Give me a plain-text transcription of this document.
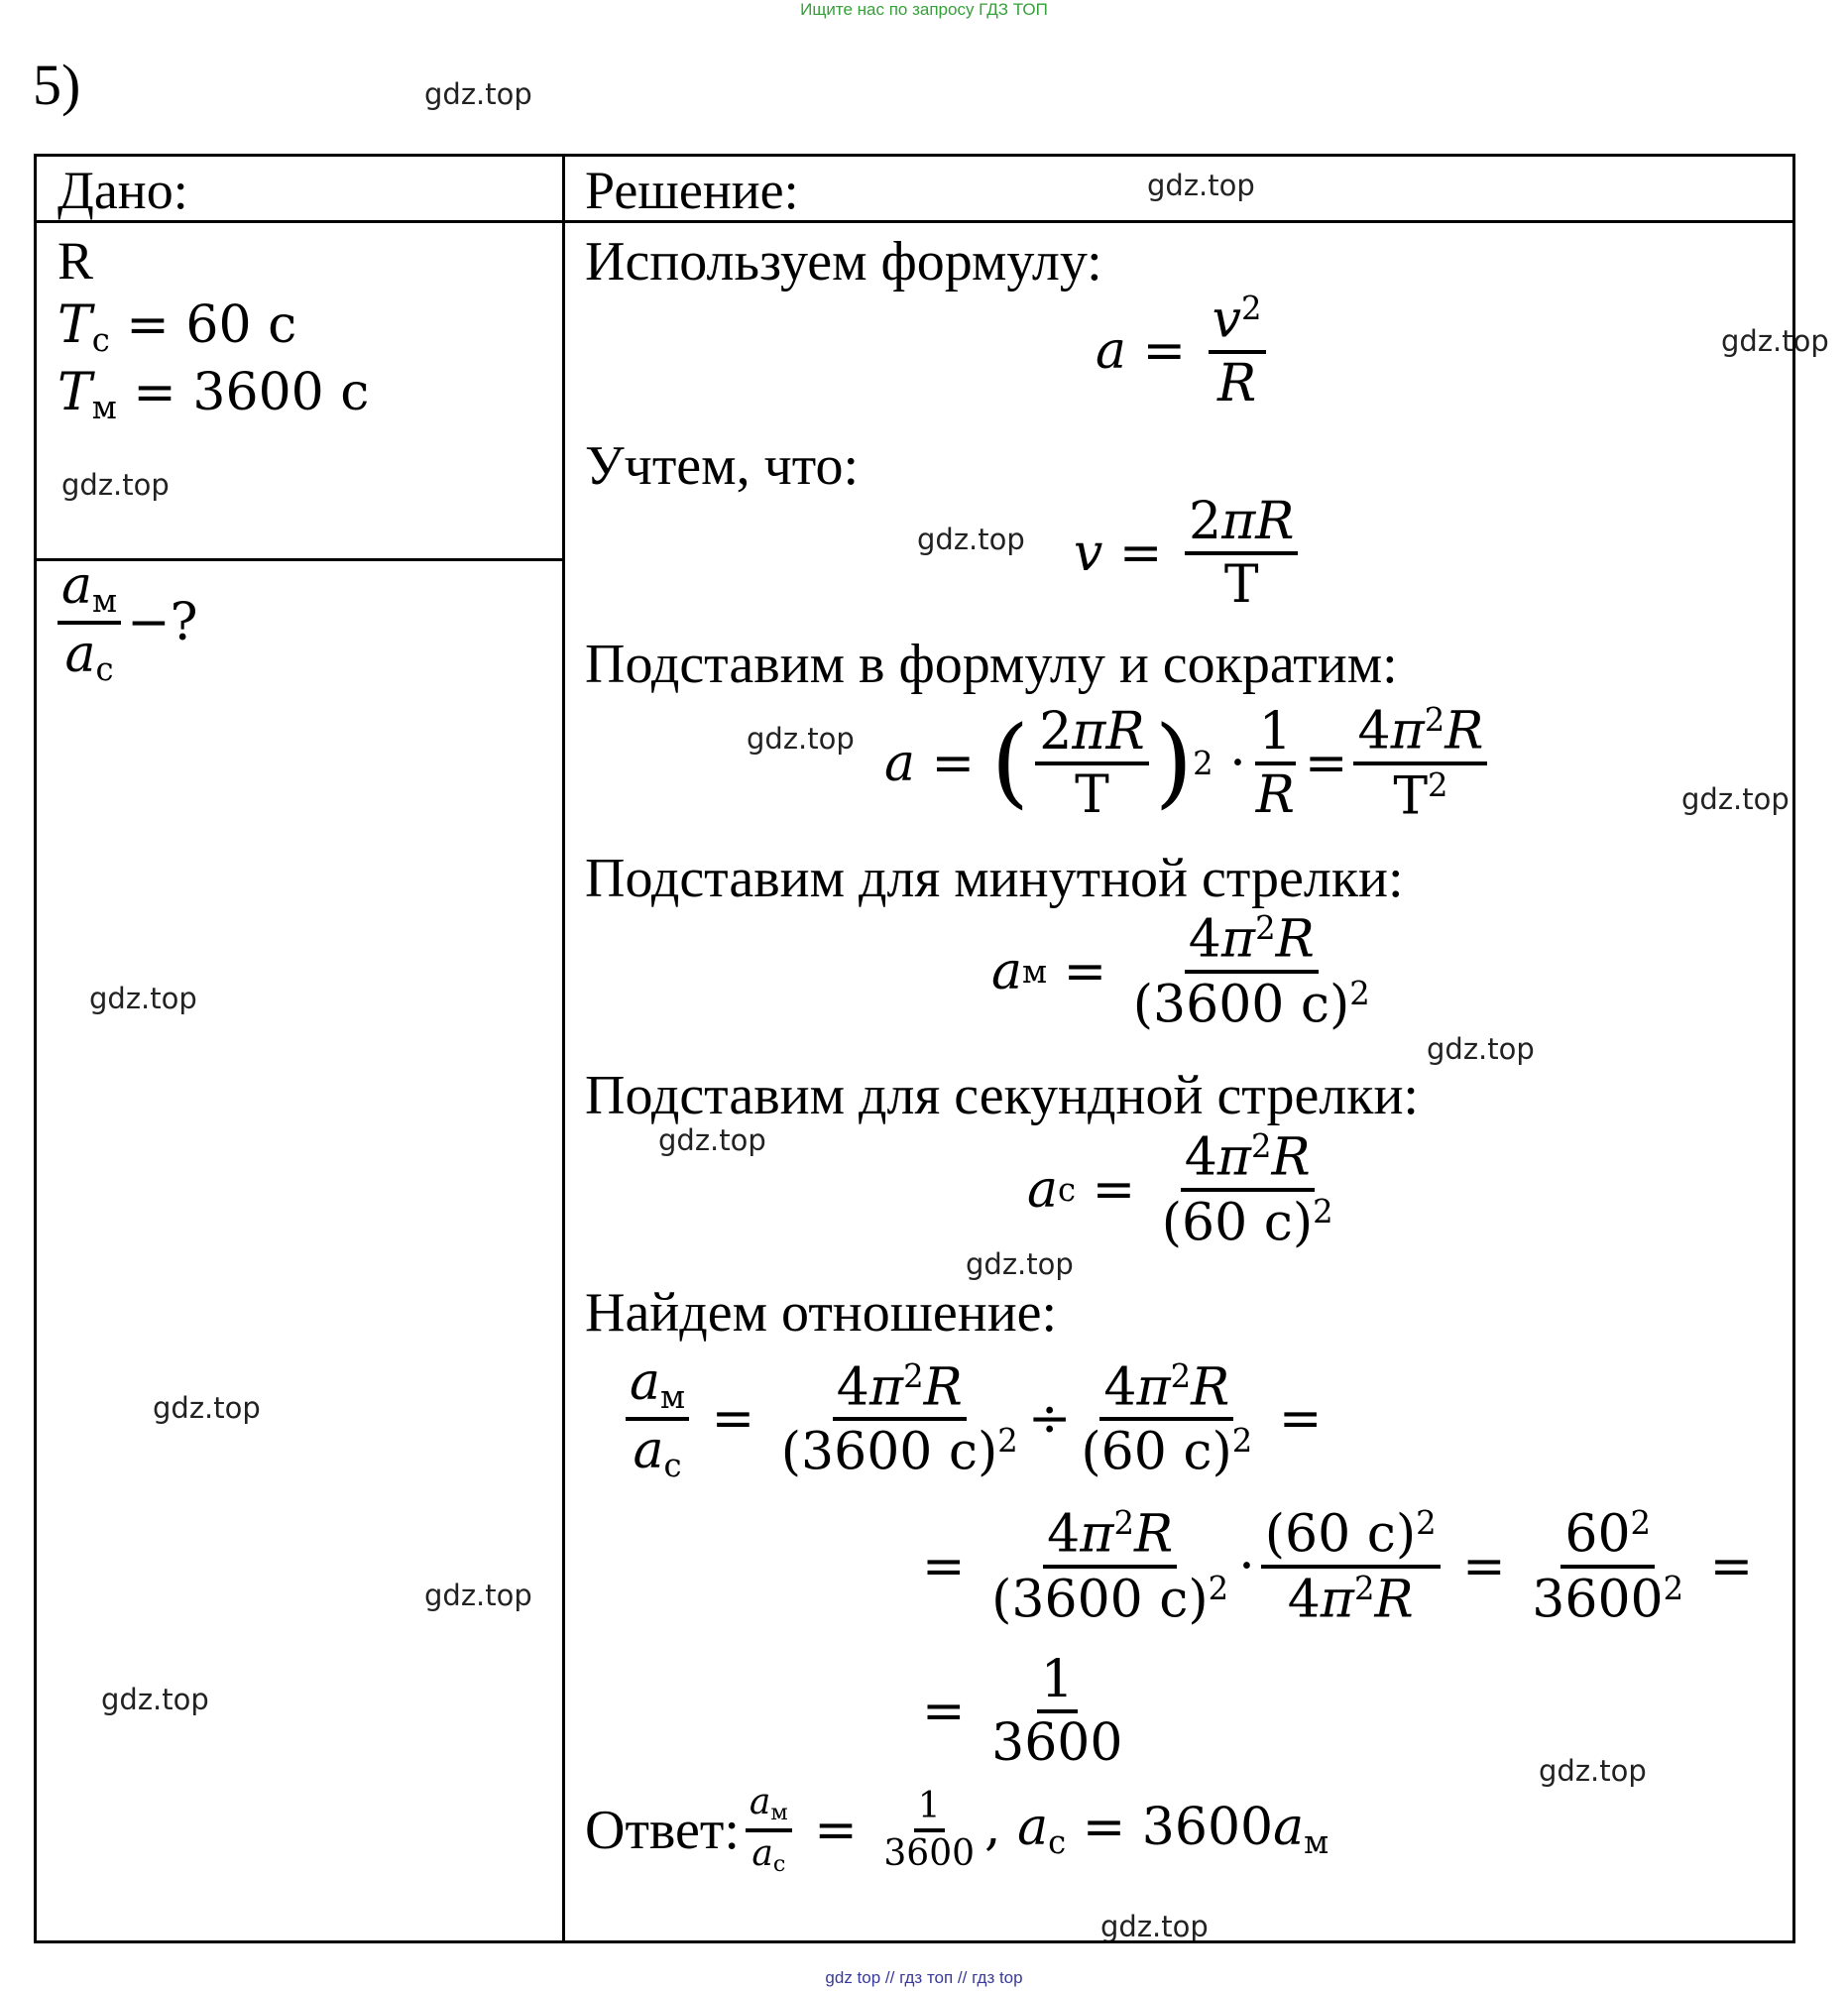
Ищите нас по запросу ГДЗ ТОП
5)	gdz.top
gdz.top
gdz.top
gdz.top
gdz.top
gdz.top
gdz.top
gdz.top
gdz.top
gdz.top
gdz.top
gdz.top
gdz.top
gdz.top
gdz.top
gdz.top
Дано:	Решение:
R
$T_с = 60$ с
$T_м = 3600$ с
$\frac{a_м}{a_с}$ −?
Используем формулу:
$a = \frac{v^2}{R}$
Учтем, что:
$v = \frac{2\pi R}{T}$
Подставим в формулу и сократим:
a = ( $\frac{2\pi R}{T}$ ) $2 \cdot \frac{1}{R} = \frac{4\pi^2R}{T^2}$
Подставим для минутной стрелки:
a $м = \frac{4\pi^2R}{(3600 с)^2}$
Подставим для секундной стрелки:
a $с = \frac{4\pi^2R}{(60 с)^2}$
Найдем отношение:
$\frac{a_м}{a_с} = \frac{4\pi^2R}{(3600 с)^2} \div \frac{4\pi^2R}{(60 с)^2}$ =
= $\frac{4\pi^2R}{(3600 с)^2} \cdot \frac{(60 с)^2}{4\pi^2R} = \frac{60^2}{3600^2}$ =
= $\frac{1}{3600}$
Ответ: $\frac{a_м}{a_с} = \frac{1}{3600}$ , $a_с = 3600a_м$
gdz top // гдз топ // гдз top
